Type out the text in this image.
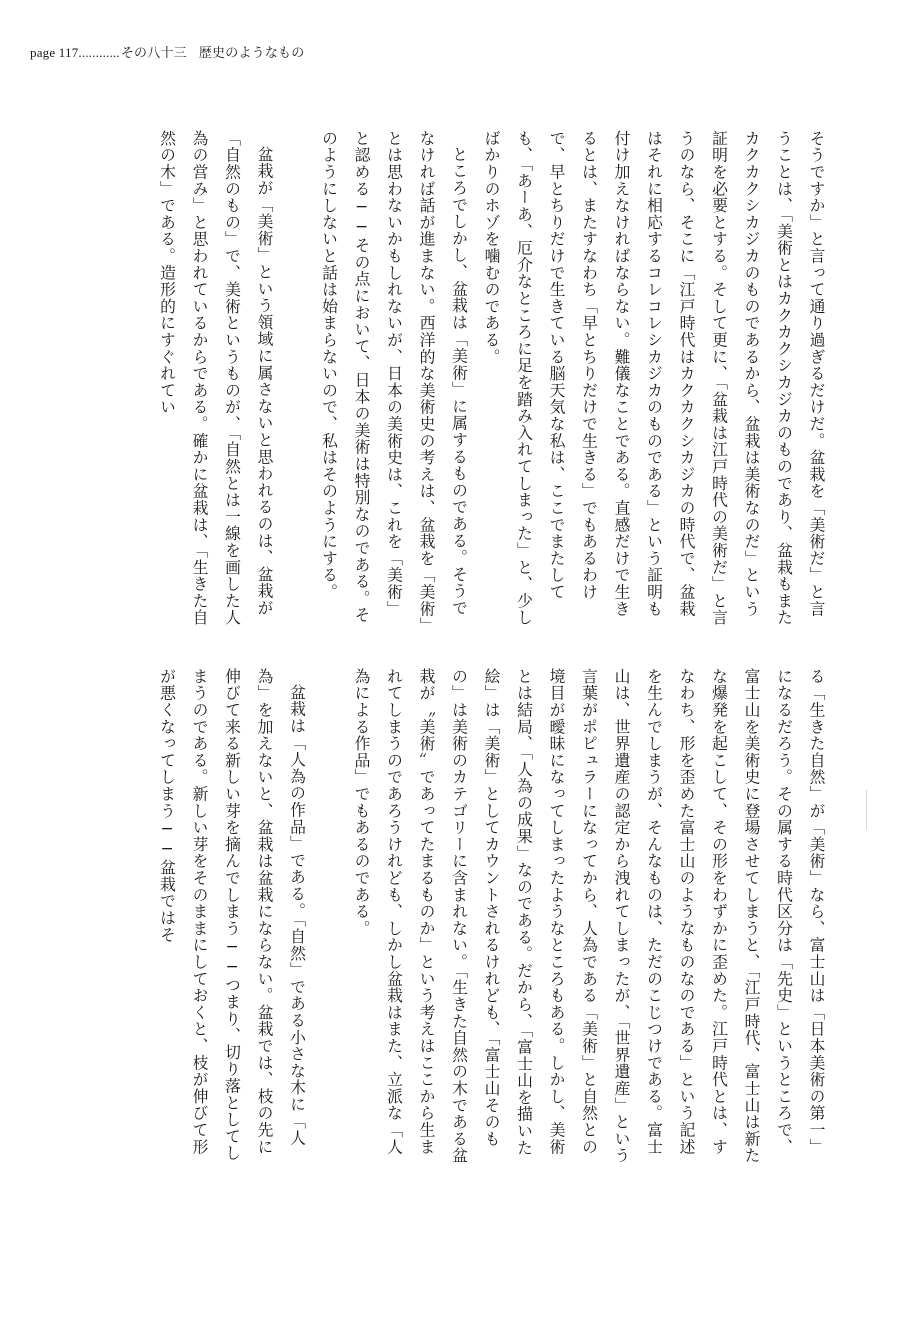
page 117............その八十三 歴史のようなもの

そうですか」と言って通り過ぎるだけだ。盆栽を「美術だ」と言うことは、「美術とはカクカクシカジカのものであり、盆栽もまたカクカクシカジカのものであるから、盆栽は美術なのだ」という証明を必要とする。そして更に、「盆栽は江戸時代の美術だ」と言うのなら、そこに「江戸時代はカクカクシカジカの時代で、盆栽はそれに相応するコレコレシカジカのものである」という証明も付け加えなければならない。難儀なことである。直感だけで生きるとは、またすなわち「早とちりだけで生きる」でもあるわけで、早とちりだけで生きている脳天気な私は、ここでまたしても、「あーあ、厄介なところに足を踏み入れてしまった」と、少しばかりのホゾを噛むのである。

ところでしかし、盆栽は「美術」に属するものである。そうでなければ話が進まない。西洋的な美術史の考えは、盆栽を「美術」とは思わないかもしれないが、日本の美術史は、これを「美術」と認める──その点において、日本の美術は特別なのである。そのようにしないと話は始まらないので、私はそのようにする。

盆栽が「美術」という領域に属さないと思われるのは、盆栽が「自然のもの」で、美術というものが、「自然とは一線を画した人為の営み」と思われているからである。確かに盆栽は、「生きた自然の木」である。造形的にすぐれてい

る「生きた自然」が「美術」なら、富士山は「日本美術の第一」になるだろう。その属する時代区分は「先史」というところで、富士山を美術史に登場させてしまうと、「江戸時代、富士山は新たな爆発を起こして、その形をわずかに歪めた。江戸時代とは、すなわち、形を歪めた富士山のようなものなのである」という記述を生んでしまうが、そんなものは、ただのこじつけである。富士山は、世界遺産の認定から洩れてしまったが、「世界遺産」という言葉がポピュラーになってから、人為である「美術」と自然との境目が曖昧になってしまったようなところもある。しかし、美術とは結局、「人為の成果」なのである。だから、「富士山を描いた絵」は「美術」としてカウントされるけれども、「富士山そのもの」は美術のカテゴリーに含まれない。「生きた自然の木である盆栽が〝美術〟であってたまるものか」という考えはここから生まれてしまうのであろうけれども、しかし盆栽はまた、立派な「人為による作品」でもあるのである。

盆栽は「人為の作品」である。「自然」である小さな木に「人為」を加えないと、盆栽は盆栽にならない。盆栽では、枝の先に伸びて来る新しい芽を摘んでしまう──つまり、切り落としてしまうのである。新しい芽をそのままにしておくと、枝が伸びて形が悪くなってしまう──盆栽ではそ
